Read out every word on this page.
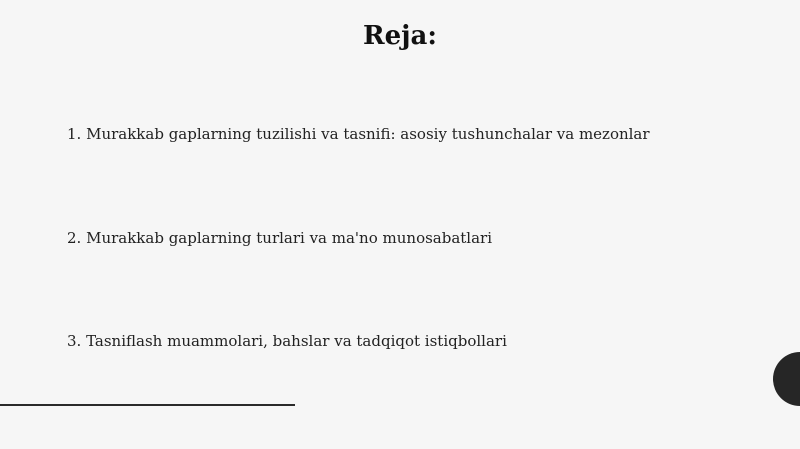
Reja:
1. Murakkab gaplarning tuzilishi va tasnifi: asosiy tushunchalar va mezonlar
2. Murakkab gaplarning turlari va ma'no munosabatlari
3. Tasniflash muammolari, bahslar va tadqiqot istiqbollari
